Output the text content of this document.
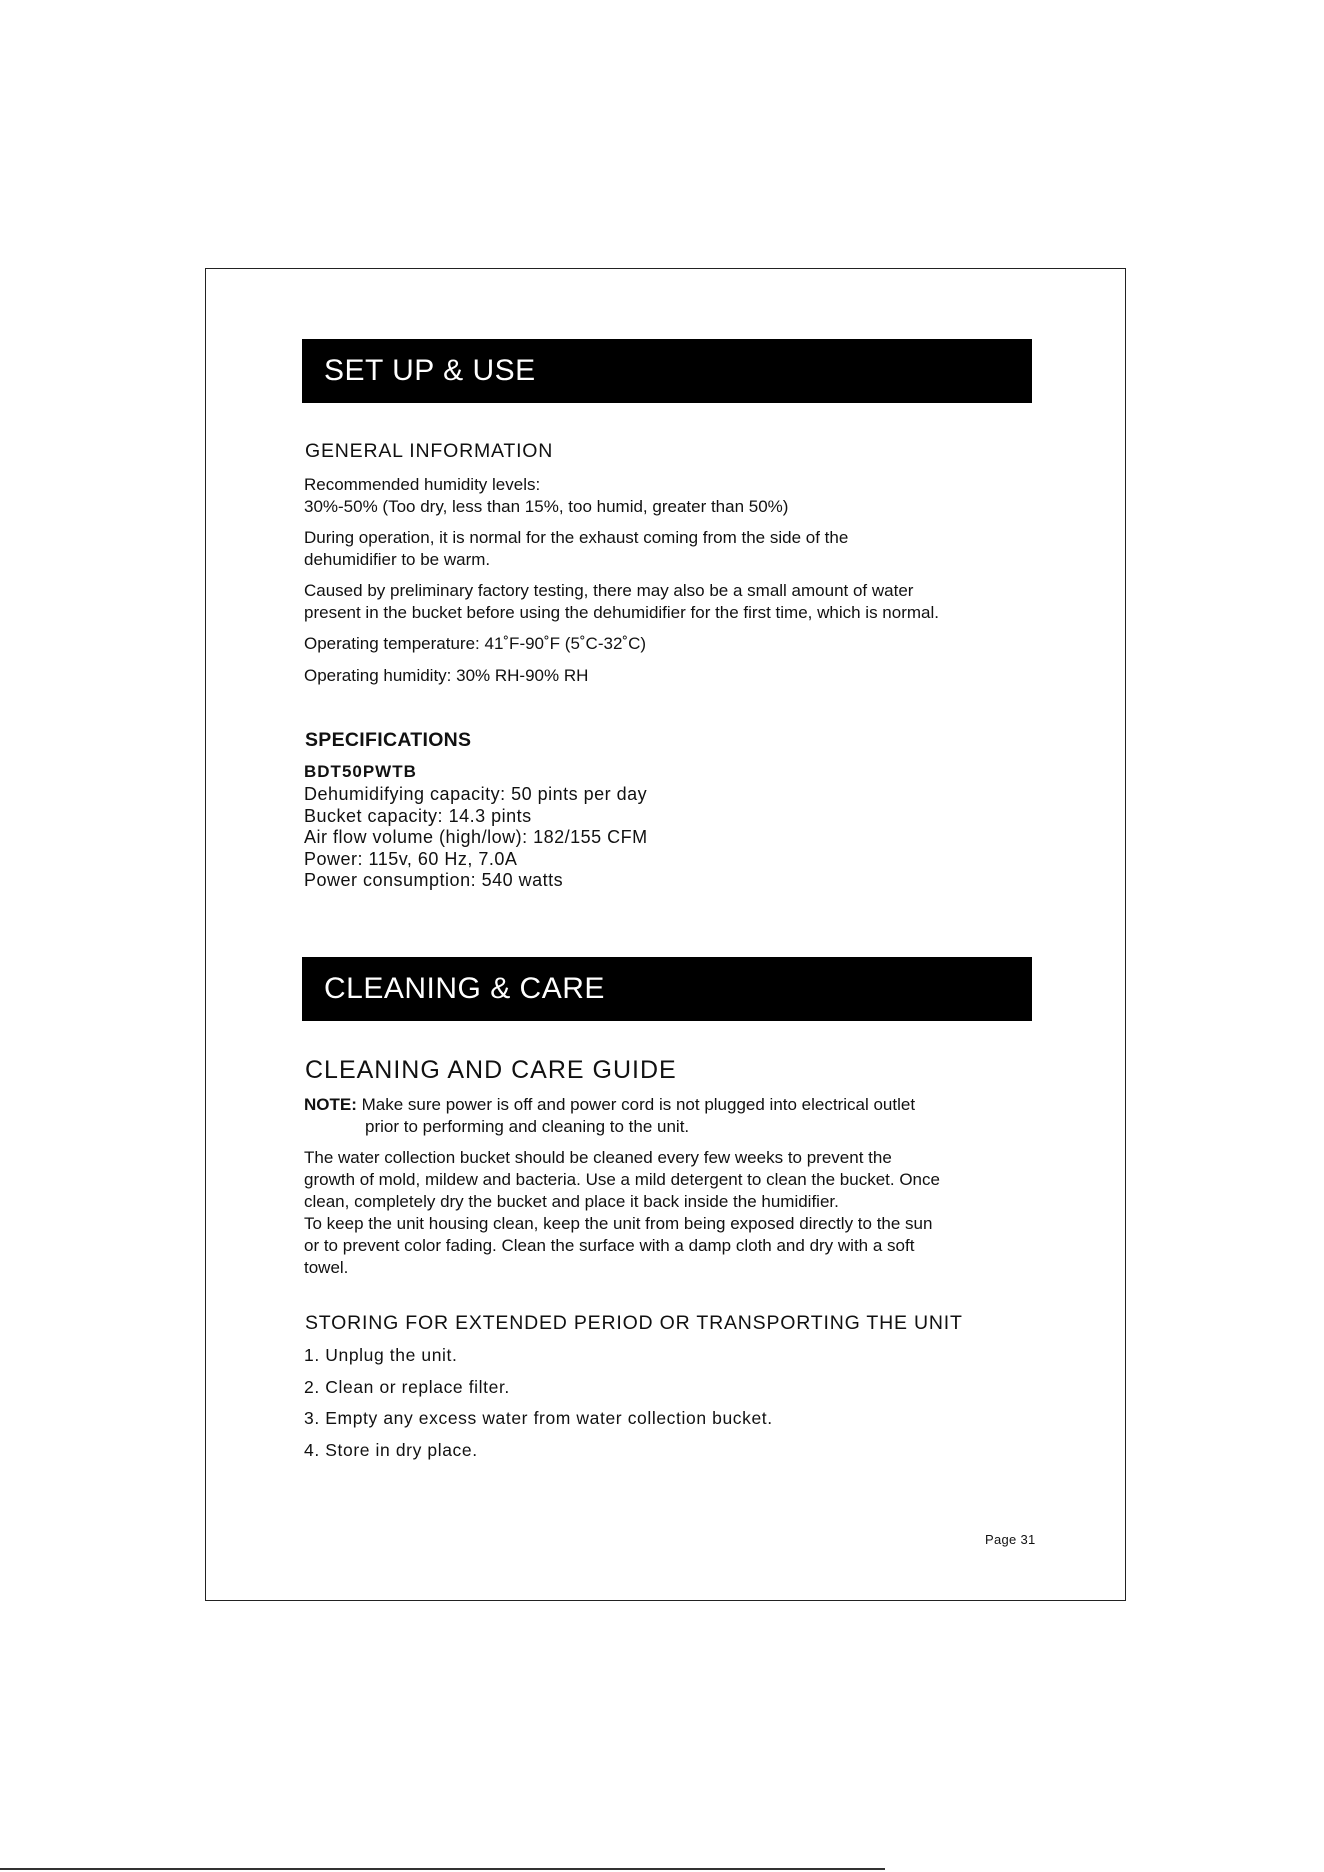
SET UP & USE
GENERAL INFORMATION
Recommended humidity levels:
30%-50% (Too dry, less than 15%, too humid, greater than 50%)
During operation, it is normal for the exhaust coming from the side of the
dehumidifier to be warm.
Caused by preliminary factory testing, there may also be a small amount of water
present in the bucket before using the dehumidifier for the first time, which is normal.
Operating temperature: 41˚F-90˚F (5˚C-32˚C)
Operating humidity: 30% RH-90% RH
SPECIFICATIONS
BDT50PWTB
Dehumidifying capacity: 50 pints per day
Bucket capacity: 14.3 pints
Air flow volume (high/low): 182/155 CFM
Power: 115v, 60 Hz, 7.0A
Power consumption: 540 watts
CLEANING & CARE
CLEANING AND CARE GUIDE
NOTE: Make sure power is off and power cord is not plugged into electrical outlet
prior to performing and cleaning to the unit.
The water collection bucket should be cleaned every few weeks to prevent the
growth of mold, mildew and bacteria. Use a mild detergent to clean the bucket. Once
clean, completely dry the bucket and place it back inside the humidifier.
To keep the unit housing clean, keep the unit from being exposed directly to the sun
or to prevent color fading. Clean the surface with a damp cloth and dry with a soft
towel.
STORING FOR EXTENDED PERIOD OR TRANSPORTING THE UNIT
1. Unplug the unit.
2. Clean or replace filter.
3. Empty any excess water from water collection bucket.
4. Store in dry place.
Page 31
